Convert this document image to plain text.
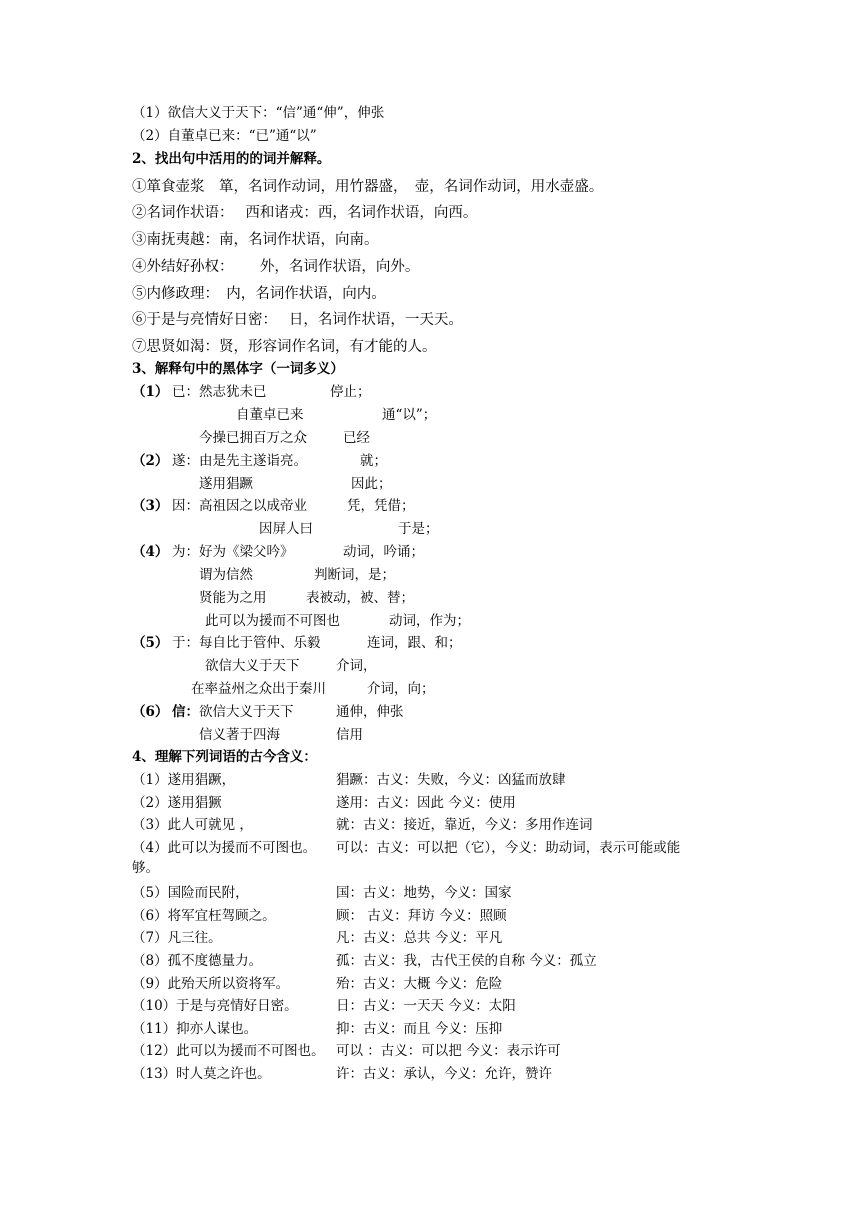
（1）欲信大义于天下：“信”通“伸”，伸张
（2）自董卓已来：“已”通“以”
2、找出句中活用的的词并解释。
①箪食壶浆　箪，名词作动词，用竹器盛，　壶，名词作动词，用水壶盛。
②名词作状语：　 西和诸戎：西，名词作状语，向西。
③南抚夷越：南，名词作状语，向南。
④外结好孙权：　　 外，名词作状语，向外。
⑤内修政理：　内，名词作状语，向内。
⑥于是与亮情好日密：　 日，名词作状语，一天天。
⑦思贤如渴：贤，形容词作名词，有才能的人。
3、解释句中的黑体字（一词多义）
（1） 已：然志犹未已	停止；
自董卓已来	通“以”；
今操已拥百万之众	已经
（2） 遂：由是先主遂诣亮。	就；
遂用猖蹶	因此；
（3） 因：高祖因之以成帝业	凭，凭借；
因屏人曰	于是；
（4） 为：好为《梁父吟》	动词，吟诵；
谓为信然	判断词，是；
贤能为之用	表被动，被、替；
此可以为援而不可图也	动词，作为；
（5） 于：每自比于管仲、乐毅	连词，跟、和；
欲信大义于天下	介词，
在率益州之众出于秦川	介词，向；
（6） 信： 欲信大义于天下	通伸，伸张
信义著于四海	信用
4、理解下列词语的古今含义：
（1）遂用猖蹶，	猖蹶：古义：失败，今义：凶猛而放肆
（2）遂用猖獗	遂用：古义：因此 今义：使用
（3）此人可就见 ，	就：古义：接近，靠近，今义：多用作连词
（4）此可以为援而不可图也。 可以：古义：可以把（它），今义：助动词，表示可能或能
够。
（5）国险而民附，	国：古义：地势，今义：国家
（6）将军宜枉驾顾之。	顾： 古义：拜访 今义：照顾
（7）凡三往。	凡：古义：总共 今义：平凡
（8）孤不度德量力。	孤：古义：我，古代王侯的自称 今义：孤立
（9）此殆天所以资将军。	殆：古义：大概 今义：危险
（10）于是与亮情好日密。	日：古义：一天天 今义：太阳
（11）抑亦人谋也。	抑：古义：而且 今义：压抑
（12）此可以为援而不可图也。 可以 ：古义：可以把 今义：表示许可
（13）时人莫之许也。	许：古义：承认，今义：允许，赞许
